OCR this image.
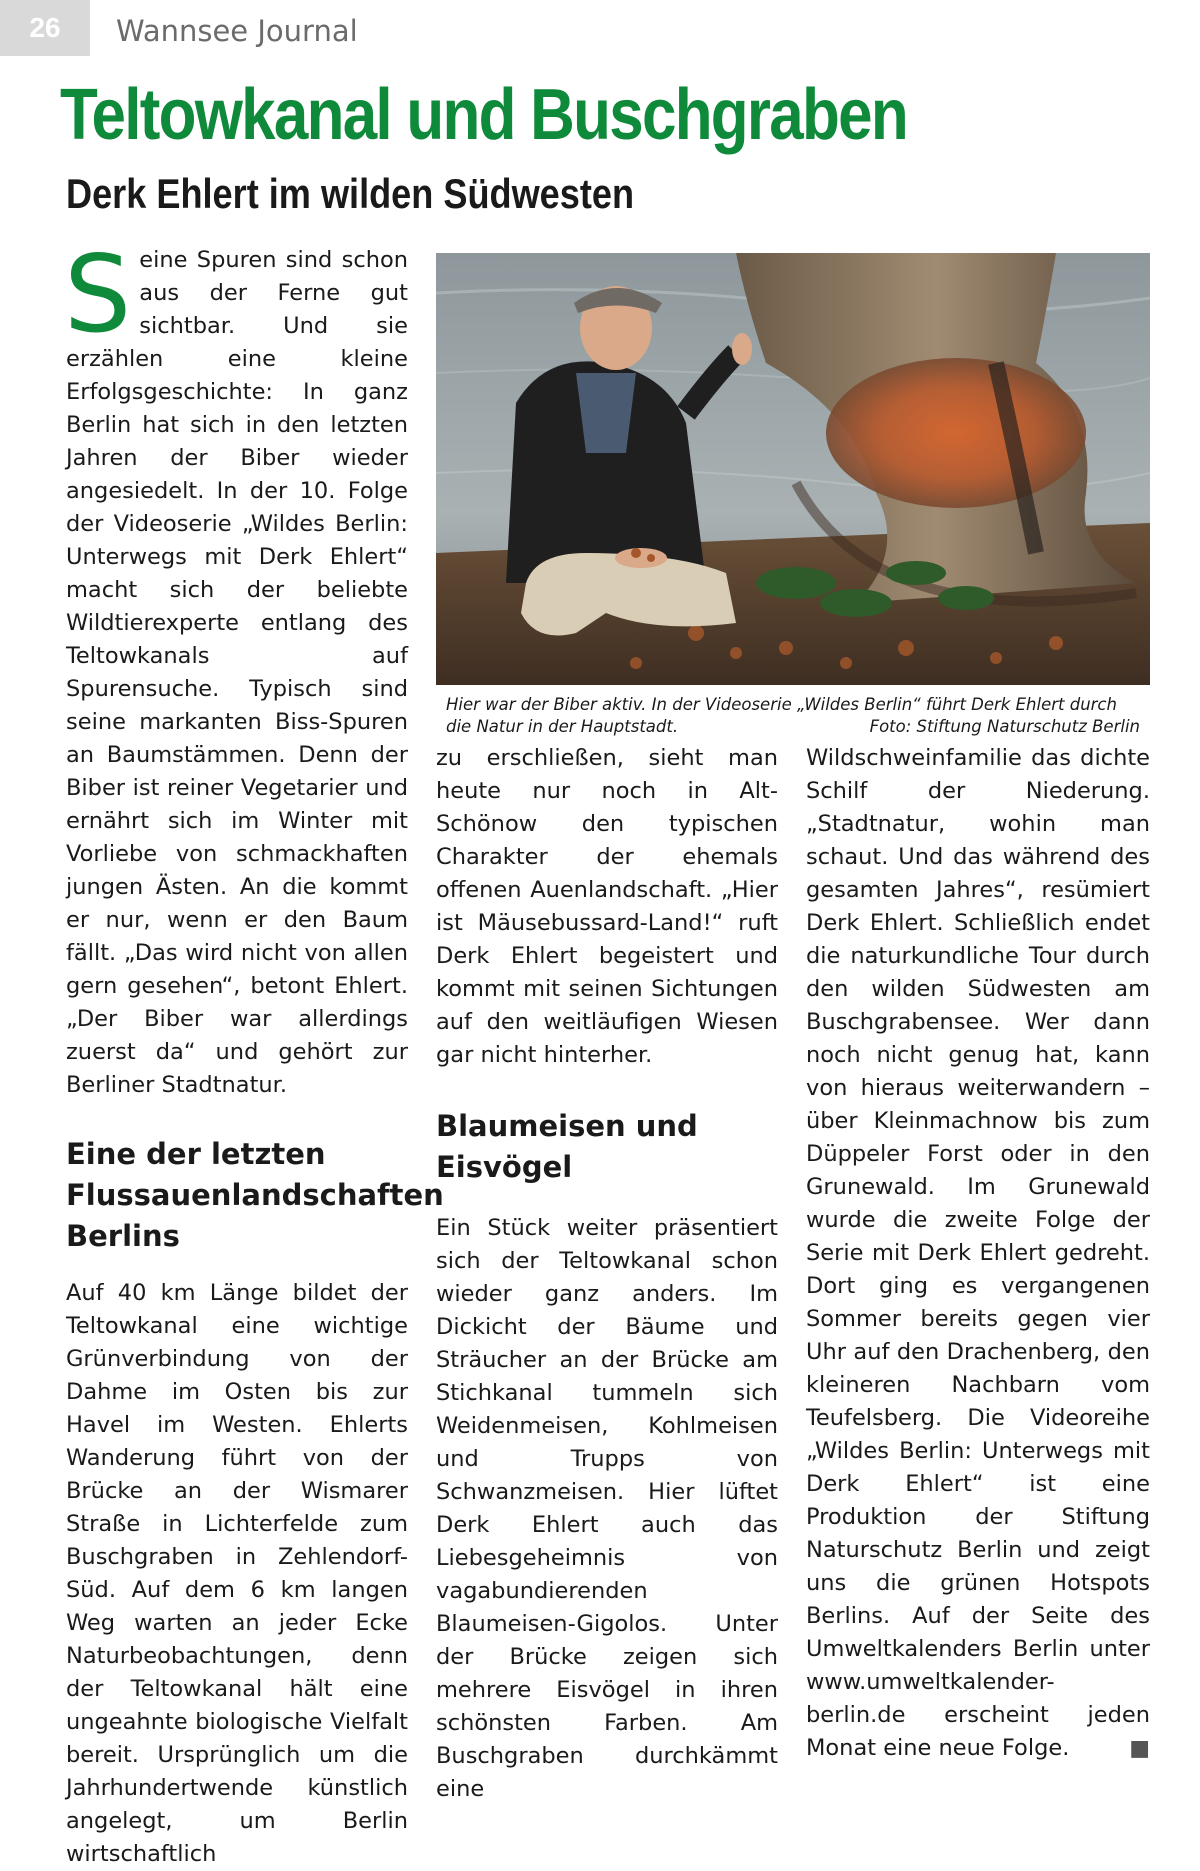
26	Wannsee Journal
Teltowkanal und Buschgraben
Derk Ehlert im wilden Südwesten

Seine Spuren sind schon aus der Ferne gut sichtbar. Und sie erzählen eine kleine Erfolgsgeschichte: In ganz Berlin hat sich in den letzten Jahren der Biber wieder angesiedelt. In der 10. Folge der Videoserie „Wildes Berlin: Unterwegs mit Derk Ehlert“ macht sich der beliebte Wildtierexperte entlang des Teltowkanals auf Spurensuche. Typisch sind seine markanten Biss-Spuren an Baumstämmen. Denn der Biber ist reiner Vegetarier und ernährt sich im Winter mit Vorliebe von schmackhaften jungen Ästen. An die kommt er nur, wenn er den Baum fällt. „Das wird nicht von allen gern gesehen“, betont Ehlert. „Der Biber war allerdings zuerst da“ und gehört zur Berliner Stadtnatur.

Eine der letzten Flussauenlandschaften Berlins

Auf 40 km Länge bildet der Teltowkanal eine wichtige Grünverbindung von der Dahme im Osten bis zur Havel im Westen. Ehlerts Wanderung führt von der Brücke an der Wismarer Straße in Lichterfelde zum Buschgraben in Zehlendorf-Süd. Auf dem 6 km langen Weg warten an jeder Ecke Naturbeobachtungen, denn der Teltowkanal hält eine ungeahnte biologische Vielfalt bereit. Ursprünglich um die Jahrhundertwende künstlich angelegt, um Berlin wirtschaftlich

Hier war der Biber aktiv. In der Videoserie „Wildes Berlin“ führt Derk Ehlert durch die Natur in der Hauptstadt.	Foto: Stiftung Naturschutz Berlin

zu erschließen, sieht man heute nur noch in Alt-Schönow den typischen Charakter der ehemals offenen Auenlandschaft. „Hier ist Mäusebussard-Land!“ ruft Derk Ehlert begeistert und kommt mit seinen Sichtungen auf den weitläufigen Wiesen gar nicht hinterher.

Blaumeisen und Eisvögel

Ein Stück weiter präsentiert sich der Teltowkanal schon wieder ganz anders. Im Dickicht der Bäume und Sträucher an der Brücke am Stichkanal tummeln sich Weidenmeisen, Kohlmeisen und Trupps von Schwanzmeisen. Hier lüftet Derk Ehlert auch das Liebesgeheimnis von vagabundierenden Blaumeisen-Gigolos. Unter der Brücke zeigen sich mehrere Eisvögel in ihren schönsten Farben. Am Buschgraben durchkämmt eine

Wildschweinfamilie das dichte Schilf der Niederung. „Stadtnatur, wohin man schaut. Und das während des gesamten Jahres“, resümiert Derk Ehlert. Schließlich endet die naturkundliche Tour durch den wilden Südwesten am Buschgrabensee. Wer dann noch nicht genug hat, kann von hieraus weiterwandern – über Kleinmachnow bis zum Düppeler Forst oder in den Grunewald. Im Grunewald wurde die zweite Folge der Serie mit Derk Ehlert gedreht. Dort ging es vergangenen Sommer bereits gegen vier Uhr auf den Drachenberg, den kleineren Nachbarn vom Teufelsberg. Die Videoreihe „Wildes Berlin: Unterwegs mit Derk Ehlert“ ist eine Produktion der Stiftung Naturschutz Berlin und zeigt uns die grünen Hotspots Berlins. Auf der Seite des Umweltkalenders Berlin unter www.umweltkalender-berlin.de erscheint jeden Monat eine neue Folge.	■
